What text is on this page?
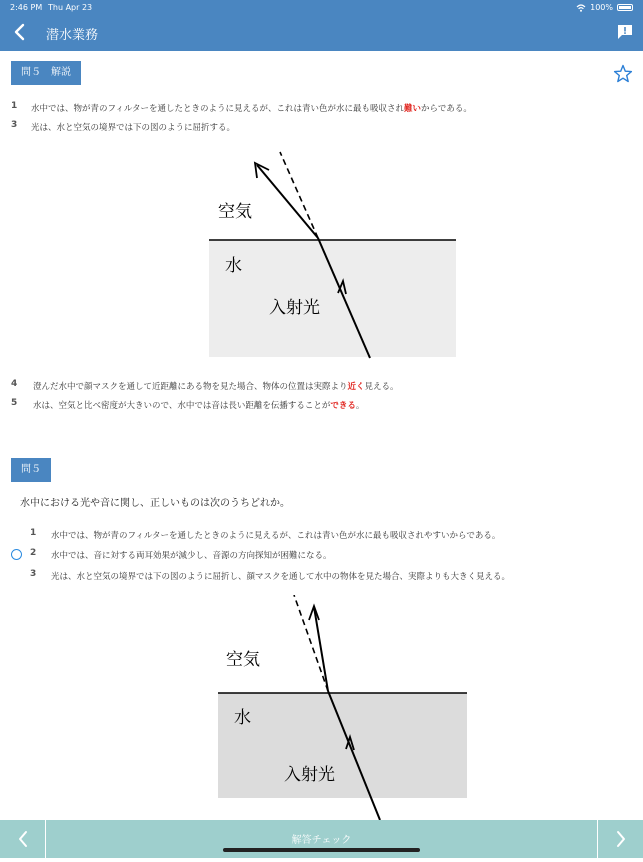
2:46 PM Thu Apr 23	100%
潜水業務
問５　解説
1 水中では、物が青のフィルターを通したときのように見えるが、これは青い色が水に最も吸収され難いからである。
3 光は、水と空気の境界では下の図のように屈折する。
空気
水
入射光
4 澄んだ水中で顔マスクを通して近距離にある物を見た場合、物体の位置は実際より近く見える。
5 水は、空気と比べ密度が大きいので、水中では音は長い距離を伝播することができる。
問５
水中における光や音に関し、正しいものは次のうちどれか。
1 水中では、物が青のフィルターを通したときのように見えるが、これは青い色が水に最も吸収されやすいからである。
2 水中では、音に対する両耳効果が減少し、音源の方向探知が困難になる。
3 光は、水と空気の境界では下の図のように屈折し、顔マスクを通して水中の物体を見た場合、実際よりも大きく見える。
空気
水
入射光
解答チェック
